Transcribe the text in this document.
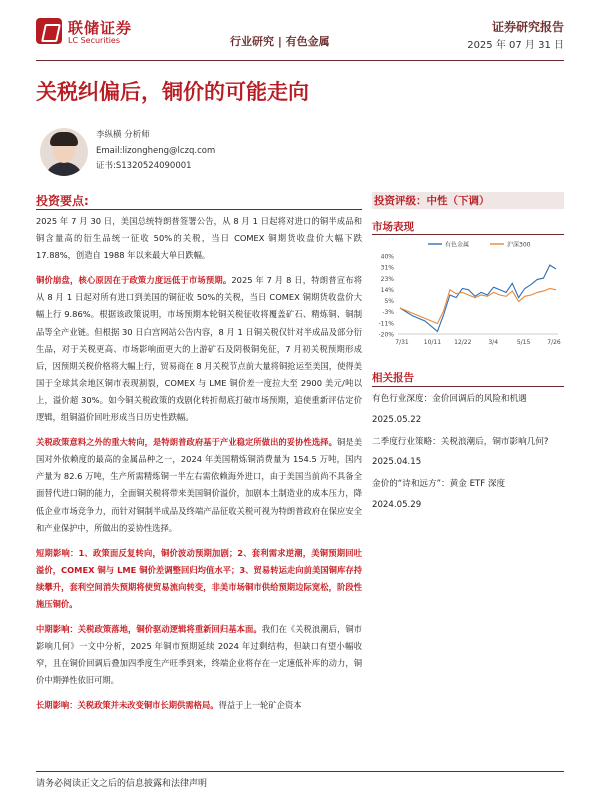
联储证券
LC Securities	行业研究 | 有色金属
证券研究报告
2025 年 07 月 31 日
关税纠偏后，铜价的可能走向
李纵横 分析师
Email:lizongheng@lczq.com
证书:S1320524090001
投资要点:

2025 年 7 月 30 日，美国总统特朗普签署公告，从 8 月 1 日起将对进口的铜半成品和铜含量高的衍生品统一征收 50%的关税，当日 COMEX 铜期货收盘价大幅下跌 17.88%，创造自 1988 年以来最大单日跌幅。

铜价崩盘，核心原因在于政策力度远低于市场预期。2025 年 7 月 8 日，特朗普宣布将从 8 月 1 日起对所有进口到美国的铜征收 50%的关税，当日 COMEX 铜期货收盘价大幅上行 9.86%。根据该政策说明，市场预期本轮铜关税征收将覆盖矿石、精炼铜、铜制品等全产业链。但根据 30 日白宫网站公告内容，8 月 1 日铜关税仅针对半成品及部分衍生品，对于关税更高、市场影响面更大的上游矿石及阴极铜免征，7 月初关税预期形成后，因预期关税价格将大幅上行，贸易商在 8 月关税节点前大量将铜抢运至美国，使得美国于全球其余地区铜市表现割裂，COMEX 与 LME 铜价差一度拉大至 2900 美元/吨以上，溢价超 30%。如今铜关税政策的戏剧化转折彻底打破市场预期，追使重新评估定价逻辑，组铜溢价回吐形成当日历史性跌幅。

关税政策意料之外的重大转向，是特朗普政府基于产业稳定所做出的妥协性选择。铜是美国对外依赖度的最高的金属品种之一，2024 年美国精炼铜消费量为 154.5 万吨，国内产量为 82.6 万吨，生产所需精炼铜一半左右需依赖海外进口，由于美国当前尚不具备全面替代进口铜的能力，全面铜关税将带来美国铜价溢价，加剧本土制造业的成本压力，降低企业市场竞争力，而针对铜制半成品及终端产品征收关税可视为特朗普政府在保应安全和产业保护中，所做出的妥协性选择。

短期影响：1、政策面反复转向，铜价波动预期加剧；2、套利需求逆潮，美铜预期回吐溢价，COMEX 铜与 LME 铜价差调整回归均值水平；3、贸易转运走向前美国铜库存持续攀升，套利空间消失预期将使贸易流向转变，非美市场铜市供给预期边际宽松，阶段性施压铜价。

中期影响：关税政策落地，铜价驱动逻辑将重新回归基本面。我们在《关税浪潮后，铜市影响几何》一文中分析，2025 年铜市预期延续 2024 年过剩结构，但缺口有望小幅收窄，且在铜价回调后叠加四季度生产旺季到来，终端企业将存在一定速低补库的动力，铜价中期弹性依旧可期。

长期影响：关税政策并未改变铜市长期供需格局。得益于上一轮矿企资本

投资评级：中性（下调）
市场表现
40%
31%
23%
14%
5%
-3%
-11%
-20%
7/31	10/11 12/22	3/4	5/15	7/26
有色金属	沪深300
相关报告
有色行业深度：金价回调后的风险和机遇
2025.05.22
二季度行业策略：关税浪潮后，铜市影响几何?
2025.04.15
金价的“诗和远方”：黄金 ETF 深度
2024.05.29
请务必阅读正文之后的信息披露和法律声明
